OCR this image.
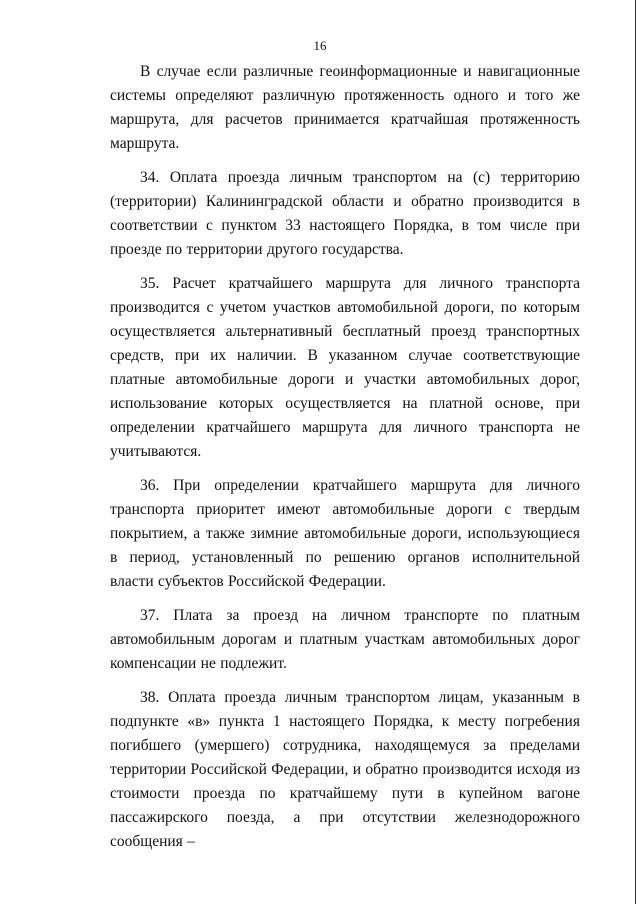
16

В случае если различные геоинформационные и навигационные системы определяют различную протяженность одного и того же маршрута, для расчетов принимается кратчайшая протяженность маршрута.

34. Оплата проезда личным транспортом на (с) территорию (территории) Калининградской области и обратно производится в соответствии с пунктом 33 настоящего Порядка, в том числе при проезде по территории другого государства.

35. Расчет кратчайшего маршрута для личного транспорта производится с учетом участков автомобильной дороги, по которым осуществляется альтернативный бесплатный проезд транспортных средств, при их наличии. В указанном случае соответствующие платные автомобильные дороги и участки автомобильных дорог, использование которых осуществляется на платной основе, при определении кратчайшего маршрута для личного транспорта не учитываются.

36. При определении кратчайшего маршрута для личного транспорта приоритет имеют автомобильные дороги с твердым покрытием, а также зимние автомобильные дороги, использующиеся в период, установленный по решению органов исполнительной власти субъектов Российской Федерации.

37. Плата за проезд на личном транспорте по платным автомобильным дорогам и платным участкам автомобильных дорог компенсации не подлежит.

38. Оплата проезда личным транспортом лицам, указанным в подпункте «в» пункта 1 настоящего Порядка, к месту погребения погибшего (умершего) сотрудника, находящемуся за пределами территории Российской Федерации, и обратно производится исходя из стоимости проезда по кратчайшему пути в купейном вагоне пассажирского поезда, а при отсутствии железнодорожного сообщения –
